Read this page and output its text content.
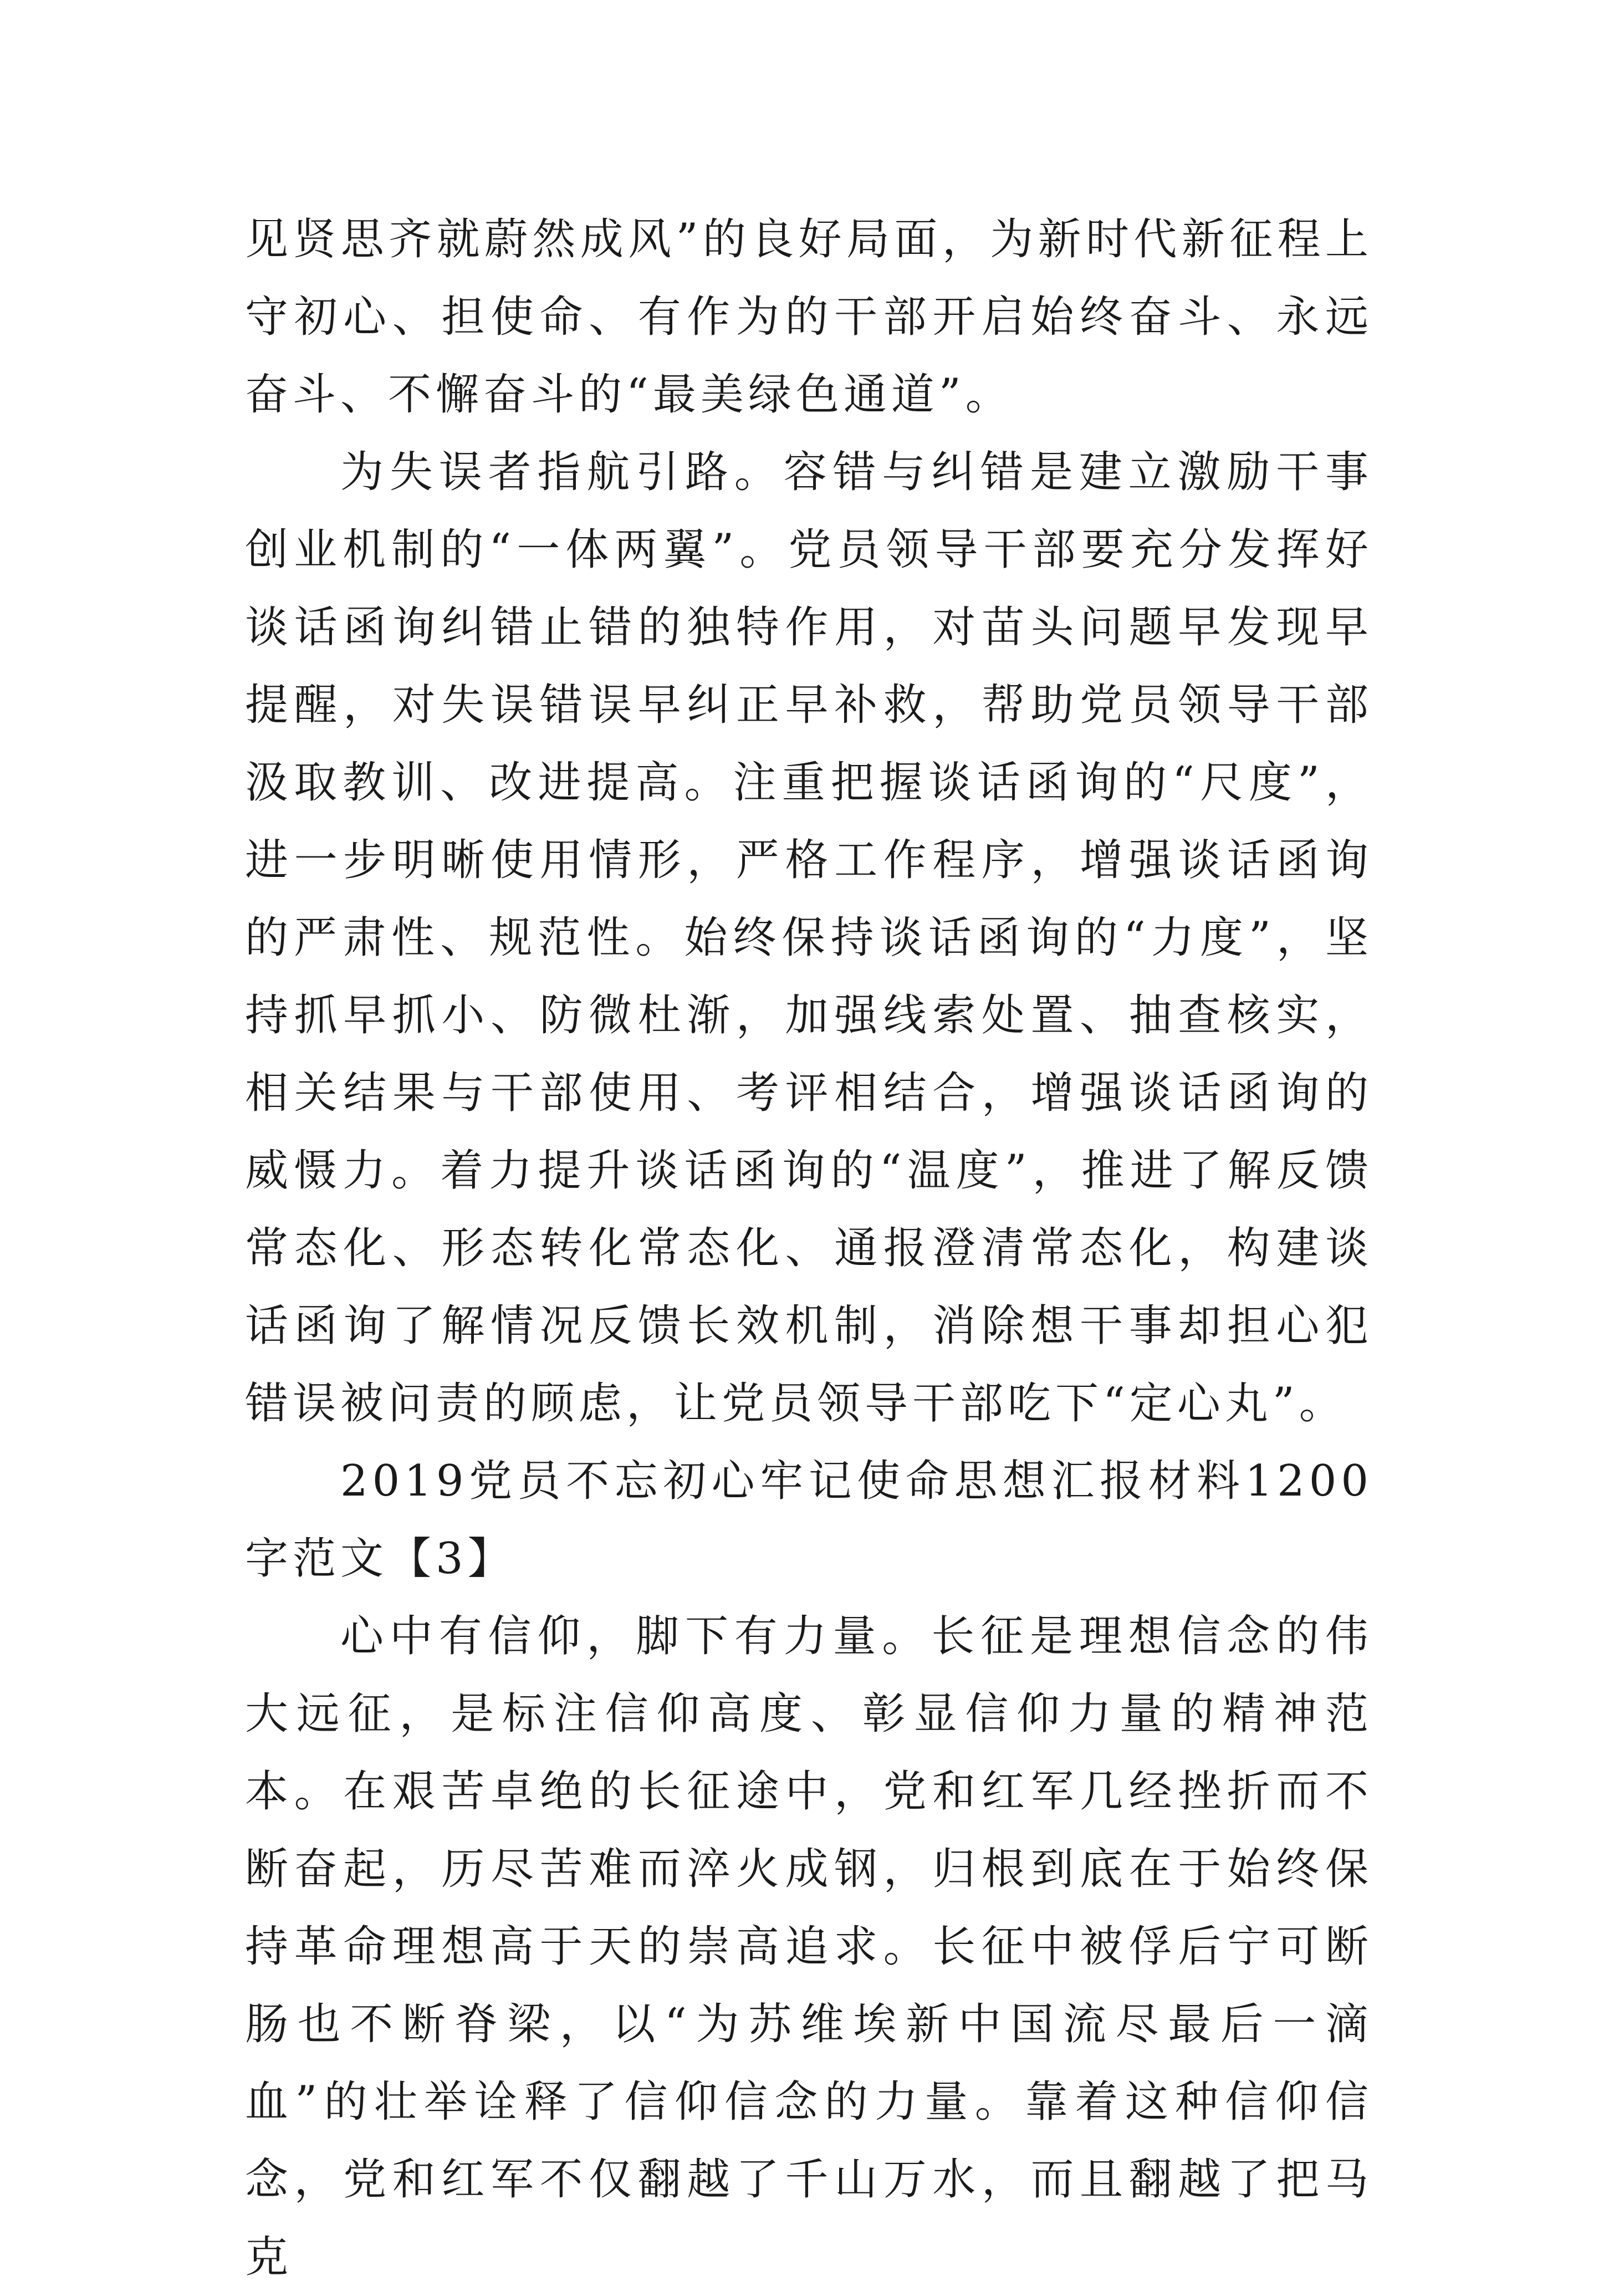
见贤思齐就蔚然成风”的良好局面，为新时代新征程上守初心、担使命、有作为的干部开启始终奋斗、永远奋斗、不懈奋斗的“最美绿色通道”。

为失误者指航引路。容错与纠错是建立激励干事创业机制的“一体两翼”。党员领导干部要充分发挥好谈话函询纠错止错的独特作用，对苗头问题早发现早提醒，对失误错误早纠正早补救，帮助党员领导干部汲取教训、改进提高。注重把握谈话函询的“尺度”，进一步明晰使用情形，严格工作程序，增强谈话函询的严肃性、规范性。始终保持谈话函询的“力度”，坚持抓早抓小、防微杜渐，加强线索处置、抽查核实，相关结果与干部使用、考评相结合，增强谈话函询的威慑力。着力提升谈话函询的“温度”，推进了解反馈常态化、形态转化常态化、通报澄清常态化，构建谈话函询了解情况反馈长效机制，消除想干事却担心犯错误被问责的顾虑，让党员领导干部吃下“定心丸”。

2019党员不忘初心牢记使命思想汇报材料1200字范文【3】

心中有信仰，脚下有力量。长征是理想信念的伟大远征，是标注信仰高度、彰显信仰力量的精神范本。在艰苦卓绝的长征途中，党和红军几经挫折而不断奋起，历尽苦难而淬火成钢，归根到底在于始终保持革命理想高于天的崇高追求。长征中被俘后宁可断肠也不断脊梁，以“为苏维埃新中国流尽最后一滴血”的壮举诠释了信仰信念的力量。靠着这种信仰信念，党和红军不仅翻越了千山万水，而且翻越了把马克
